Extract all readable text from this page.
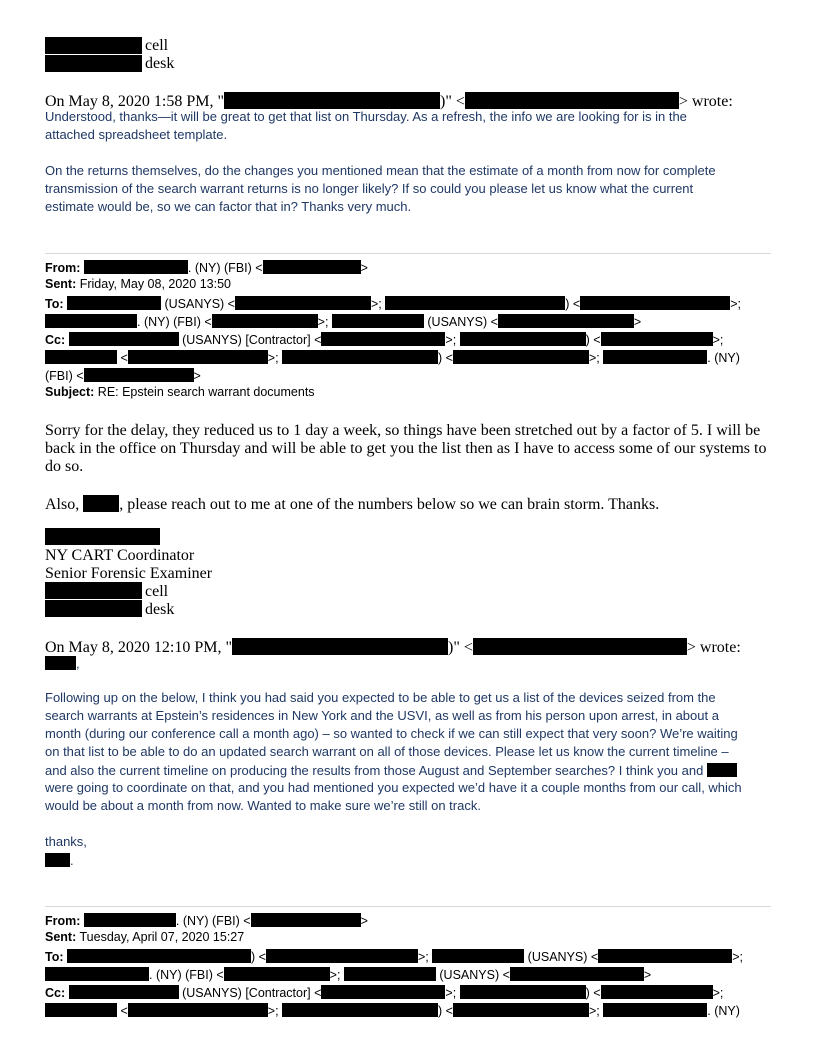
cell
desk
On May 8, 2020 1:58 PM, "	)" <	> wrote:
Understood, thanks—it will be great to get that list on Thursday. As a refresh, the info we are looking for is in the
attached spreadsheet template.
On the returns themselves, do the changes you mentioned mean that the estimate of a month from now for complete
transmission of the search warrant returns is no longer likely? If so could you please let us know what the current
estimate would be, so we can factor that in? Thanks very much.
From:	. (NY) (FBI) <	>
Sent: Friday, May 08, 2020 13:50
To:	(USANYS) <	>;	) <	>;
. (NY) (FBI) <	>;	(USANYS) <	>
Cc:	(USANYS) [Contractor] <	>;	) <	>;
<	>;	) <	>;	. (NY)
(FBI) <	>
Subject: RE: Epstein search warrant documents
Sorry for the delay, they reduced us to 1 day a week, so things have been stretched out by a factor of 5. I will be
back in the office on Thursday and will be able to get you the list then as I have to access some of our systems to
do so.
Also, , please reach out to me at one of the numbers below so we can brain storm. Thanks.
NY CART Coordinator
Senior Forensic Examiner
cell
desk
On May 8, 2020 12:10 PM, "	)" <	> wrote:
,
Following up on the below, I think you had said you expected to be able to get us a list of the devices seized from the
search warrants at Epstein’s residences in New York and the USVI, as well as from his person upon arrest, in about a
month (during our conference call a month ago) – so wanted to check if we can still expect that very soon? We’re waiting
on that list to be able to do an updated search warrant on all of those devices. Please let us know the current timeline –
and also the current timeline on producing the results from those August and September searches? I think you and
were going to coordinate on that, and you had mentioned you expected we’d have it a couple months from our call, which
would be about a month from now. Wanted to make sure we’re still on track.
thanks,
.
From:	. (NY) (FBI) <	>
Sent: Tuesday, April 07, 2020 15:27
To:	) <	>;	(USANYS) <	>;
. (NY) (FBI) <	>;	(USANYS) <	>
Cc:	(USANYS) [Contractor] <	>;	) <	>;
<	>;	) <	>;	. (NY)
